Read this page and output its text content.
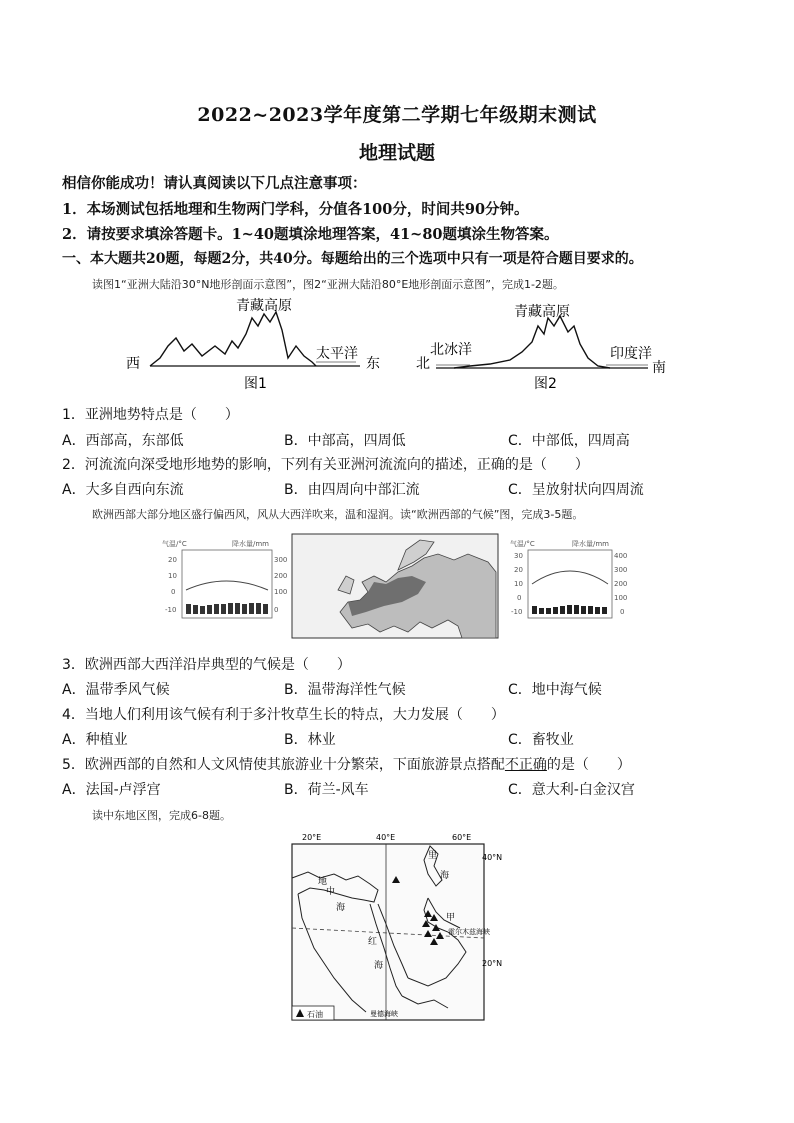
2022~2023学年度第二学期七年级期末测试
地理试题
相信你能成功！请认真阅读以下几点注意事项：
1．本场测试包括地理和生物两门学科，分值各100分，时间共90分钟。
2．请按要求填涂答题卡。1~40题填涂地理答案，41~80题填涂生物答案。
一、本大题共20题，每题2分，共40分。每题给出的三个选项中只有一项是符合题目要求的。
读图1“亚洲大陆沿30°N地形剖面示意图”，图2“亚洲大陆沿80°E地形剖面示意图”，完成1-2题。
青藏高原
西	东
太平洋
图1
青藏高原
北	南
北冰洋	印度洋
图2
1．亚洲地势特点是（　　）
A．西部高，东部低	B．中部高，四周低	C．中部低，四周高
2．河流流向深受地形地势的影响，下列有关亚洲河流流向的描述，正确的是（　　）
A．大多自西向东流	B．由四周向中部汇流	C．呈放射状向四周流
欧洲西部大部分地区盛行偏西风，风从大西洋吹来，温和湿润。读“欧洲西部的气候”图，完成3-5题。
气温/°C	降水量/mm
20
10
0
-10
300
200
100
0
气温/°C	降水量/mm
30
20
10
0
-10
400
300
200
100
0
3．欧洲西部大西洋沿岸典型的气候是（　　）
A．温带季风气候	B．温带海洋性气候	C．地中海气候
4．当地人们利用该气候有利于多汁牧草生长的特点，大力发展（　　）
A．种植业	B．林业	C．畜牧业
5．欧洲西部的自然和人文风情使其旅游业十分繁荣，下面旅游景点搭配不正确的是（　　）
A．法国-卢浮宫	B．荷兰-风车	C．意大利-白金汉宫
读中东地区图，完成6-8题。
20°E	40°E	60°E
40°N
20°N
地
中
海
红
海
里
海
甲
霍尔木兹海峡
曼德海峡
石油
